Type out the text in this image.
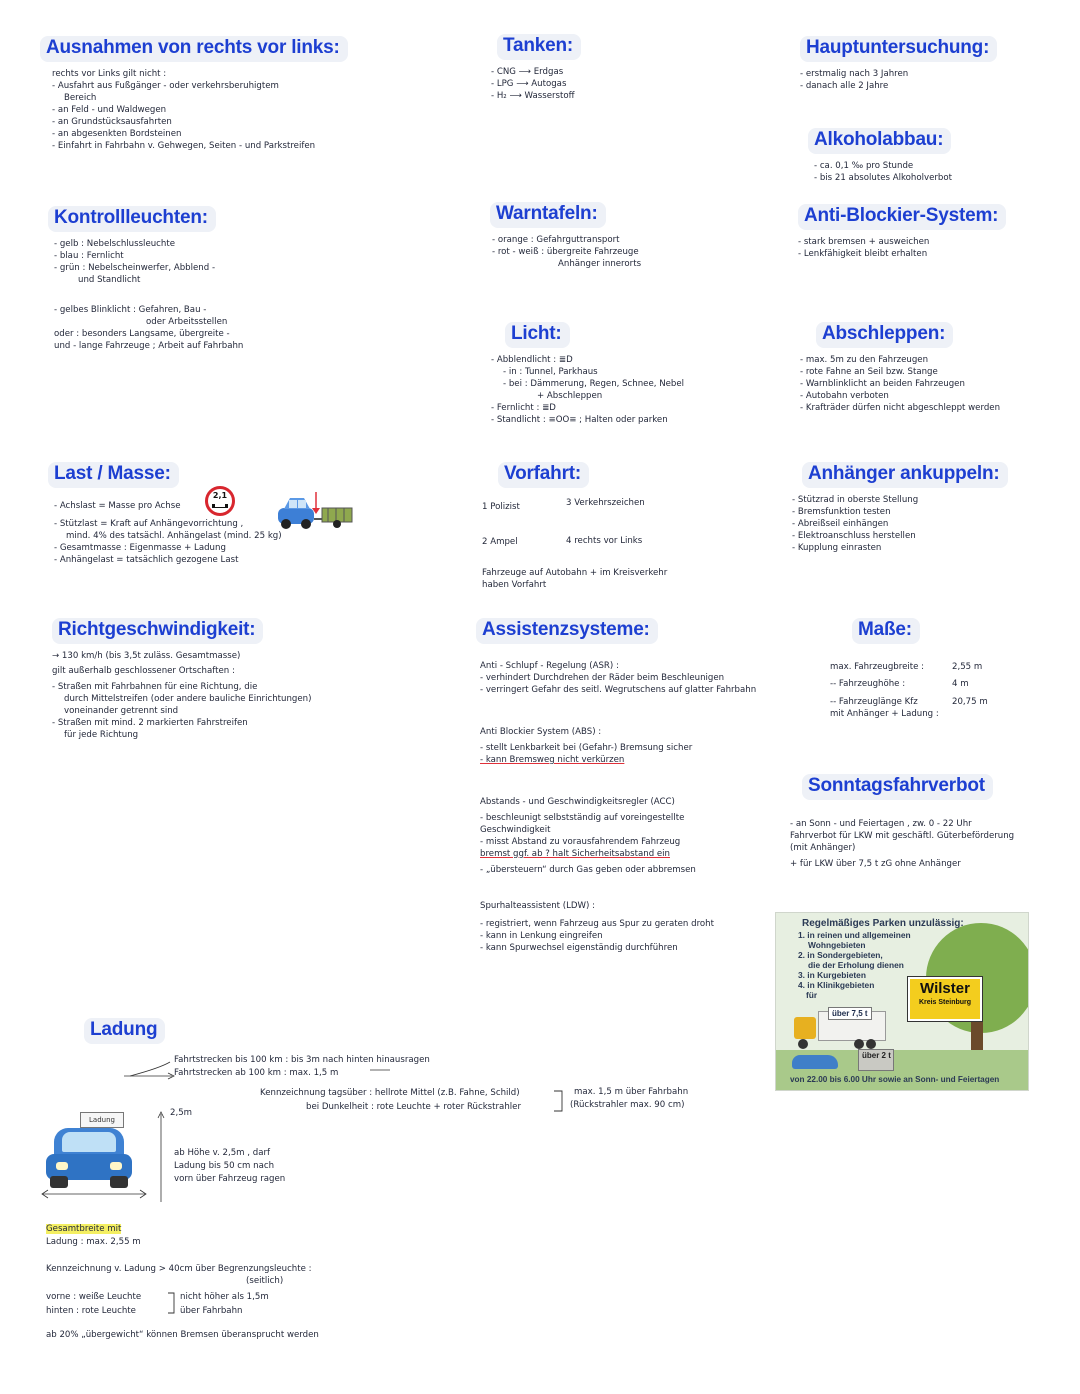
Ausnahmen von rechts vor links:
rechts vor Links gilt nicht :
- Ausfahrt aus Fußgänger - oder verkehrsberuhigtem
Bereich
- an Feld - und Waldwegen
- an Grundstücksausfahrten
- an abgesenkten Bordsteinen
- Einfahrt in Fahrbahn v. Gehwegen, Seiten - und Parkstreifen
Tanken:
- CNG ⟶ Erdgas
- LPG ⟶ Autogas
- H₂ ⟶ Wasserstoff
Hauptuntersuchung:
- erstmalig nach 3 Jahren
- danach alle 2 Jahre
Alkoholabbau:
- ca. 0,1 ‰ pro Stunde
- bis 21 absolutes Alkoholverbot
Kontrollleuchten:
- gelb : Nebelschlussleuchte
- blau : Fernlicht
- grün : Nebelscheinwerfer, Abblend -
und Standlicht
- gelbes Blinklicht : Gefahren, Bau -
oder Arbeitsstellen
oder : besonders Langsame, übergreite -
und - lange Fahrzeuge ; Arbeit auf Fahrbahn
Warntafeln:
- orange : Gefahrguttransport
- rot - weiß : übergreite Fahrzeuge
Anhänger innerorts
Anti-Blockier-System:
- stark bremsen + ausweichen
- Lenkfähigkeit bleibt erhalten
Licht:
- Abblendlicht : ≣D
- in : Tunnel, Parkhaus
- bei : Dämmerung, Regen, Schnee, Nebel
+ Abschleppen
- Fernlicht : ≣D
- Standlicht : ≡OO≡ ; Halten oder parken
Abschleppen:
- max. 5m zu den Fahrzeugen
- rote Fahne an Seil bzw. Stange
- Warnblinklicht an beiden Fahrzeugen
- Autobahn verboten
- Krafträder dürfen nicht abgeschleppt werden
Last / Masse:
- Achslast = Masse pro Achse
- Stützlast = Kraft auf Anhängevorrichtung ,
mind. 4% des tatsächl. Anhängelast (mind. 25 kg)
- Gesamtmasse : Eigenmasse + Ladung
- Anhängelast = tatsächlich gezogene Last
2,1
Vorfahrt:
1 Polizist	3 Verkehrszeichen
2 Ampel	4 rechts vor Links
Fahrzeuge auf Autobahn + im Kreisverkehr
haben Vorfahrt
Anhänger ankuppeln:
- Stützrad in oberste Stellung
- Bremsfunktion testen
- Abreißseil einhängen
- Elektroanschluss herstellen
- Kupplung einrasten
Richtgeschwindigkeit:
→ 130 km/h (bis 3,5t zuläss. Gesamtmasse)
gilt außerhalb geschlossener Ortschaften :
- Straßen mit Fahrbahnen für eine Richtung, die
durch Mittelstreifen (oder andere bauliche Einrichtungen)
voneinander getrennt sind
- Straßen mit mind. 2 markierten Fahrstreifen
für jede Richtung
Assistenzsysteme:
Anti - Schlupf - Regelung (ASR) :
- verhindert Durchdrehen der Räder beim Beschleunigen
- verringert Gefahr des seitl. Wegrutschens auf glatter Fahrbahn
Anti Blockier System (ABS) :
- stellt Lenkbarkeit bei (Gefahr-) Bremsung sicher
- kann Bremsweg nicht verkürzen
Abstands - und Geschwindigkeitsregler (ACC)
- beschleunigt selbstständig auf voreingestellte
Geschwindigkeit
- misst Abstand zu vorausfahrendem Fahrzeug
bremst ggf. ab ? halt Sicherheitsabstand ein
- „übersteuern“ durch Gas geben oder abbremsen
Spurhalteassistent (LDW) :
- registriert, wenn Fahrzeug aus Spur zu geraten droht
- kann in Lenkung eingreifen
- kann Spurwechsel eigenständig durchführen
Maße:
max. Fahrzeugbreite :	2,55 m
-- Fahrzeughöhe :	4 m
-- Fahrzeuglänge Kfz	20,75 m
mit Anhänger + Ladung :
Sonntagsfahrverbot
- an Sonn - und Feiertagen , zw. 0 - 22 Uhr
Fahrverbot für LKW mit geschäftl. Güterbeförderung
(mit Anhänger)
+ für LKW über 7,5 t zG ohne Anhänger
Regelmäßiges Parken unzulässig:
1. in reinen und allgemeinen
Wohngebieten
2. in Sondergebieten,
die der Erholung dienen
3. in Kurgebieten
4. in Klinikgebieten
für
über 7,5 t
über 2 t
Wilster
Kreis Steinburg
von 22.00 bis 6.00 Uhr sowie an Sonn- und Feiertagen
Ladung
Fahrtstrecken bis 100 km : bis 3m nach hinten hinausragen
Fahrtstrecken ab 100 km : max. 1,5 m
Kennzeichnung tagsüber : hellrote Mittel (z.B. Fahne, Schild)
bei Dunkelheit : rote Leuchte + roter Rückstrahler
max. 1,5 m über Fahrbahn
(Rückstrahler max. 90 cm)
Ladung
2,5m
ab Höhe v. 2,5m , darf
Ladung bis 50 cm nach
vorn über Fahrzeug ragen
Gesamtbreite mit
Ladung : max. 2,55 m
Kennzeichnung v. Ladung > 40cm über Begrenzungsleuchte :
(seitlich)
vorne : weiße Leuchte
hinten : rote Leuchte
nicht höher als 1,5m
über Fahrbahn
ab 20% „übergewicht“ können Bremsen überansprucht werden
